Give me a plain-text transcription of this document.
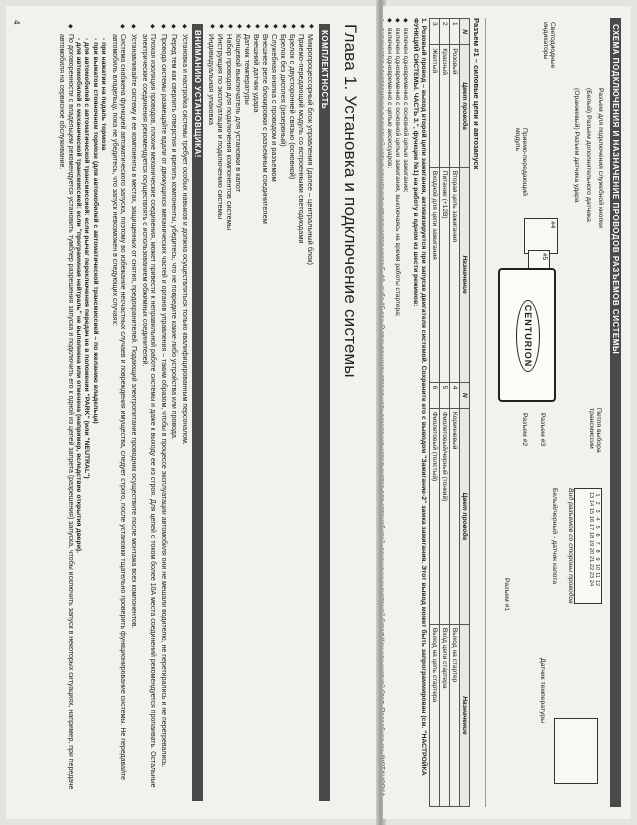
Глава 1. Установка и подключение системы
КОМПЛЕКТНОСТЬ
◆ Микропроцессорный блок управления (далее – центральный блок)
◆ Приемо-передающий модуль со встроенными светодиодами
◆ Брелок с двусторонней связью (основной)
◆ Брелок без дисплея (резервный)
◆ Служебная кнопка с проводом и разъемом
◆ Внешнее реле блокировки с разъемным соединителем
◆ Внешний датчик удара
◆ Датчик температуры
◆ Концевой выключатель для установки в капот
◆ Набор проводов для подключения компонентов системы
◆ Инструкция по эксплуатации и подключению системы
◆ Индивидуальная упаковка
ВНИМАНИЮ УСТАНОВЩИКА!
◆ Установка и настройка системы требует особых навыков и должна осуществляться только квалифицированным персоналом.
◆ Перед тем как сверлить отверстия и крепить компоненты, убедитесь, что не повредите какие-либо устройства или провода.
◆ Провода системы размещайте вдали от движущихся механических частей и органов управления – таким образом, чтобы в процессе эксплуатации автомобиля они не мешали водителю, не перетирались и не перегревались.
◆ Плохая изоляция проводов, плохие механические соединения, может привести к неправильной работе системы и даже к выходу ее из строя. Для цепей с током более 10А места соединений рекомендуется пропаивать. Остальные электрические соединения рекомендуется осуществлять с использованием обжимных соединителей.
◆ Устанавливайте систему и ее компоненты в местах, защищенных от снятия, предохранителей. Подающий электропитание проводник осуществите после монтажа всех компонентов.
◆ Система снабжена функцией автоматического запуска, поэтому во избежание несчастных случаев и повреждения имущества, следует строго, после установки тщательно проверить функционирование системы. Не передавайте автомобиль владельцу, пока не убедитесь, что запуск невозможен в следующих случаях:
- при нажатии на педаль тормоза
- при выжатом стояночном тормозе (для автомобилей с автоматической трансмиссией – по желанию владельца)
- для автомобилей с автоматической трансмиссией: если рычаг переключения передач не в положении "PARK" (или "NEUTRAL")
- для автомобилей с механической трансмиссией: если "программная нейтраль" не выполнена или отменена (например, вследствие открытия двери).
◆ По договоренности с владельцем рекомендуется установить тумблер разрешения запуска и подключить его к одной из цепей запрета (разрешения) запуска, чтобы исключить запуск в некоторых ситуациях, например, при передаче автомобиля на сервисное обслуживание.
4
СХЕМА ПОДКЛЮЧЕНИЯ И НАЗНАЧЕНИЕ ПРОВОДОВ РАЗЪЕМОВ СИСТЕМЫ
Разъем для подключения служебной кнопки
(Белый) Разъем дополнительного датчика
(Оранжевый) Разъем датчика удара
Светодиодные индикаторы
Приемо-передающий модуль
Петля выбора трансмиссии
#4
#5
CENTURION
Разъем #3
Разъем #2
Разъем #1
123456789101112
131415161718192021222324
Вид разъемов со стороны проводов
Белый/черный - датчик капота
Датчик температуры
Разъем #1 – силовые цепи и автозапуск
N	Цвет провода	Назначение	N	Цвет провода	Назначение
1	Розовый	Вторая цепь зажигания	4	Коричневый	Выход на стартер
2	Красный	Питание (+12В)	5	Фиолетовый/черный (тонкий)	Вход цепи стартера
3	Желтый	Входной для цепи зажигания	6	Фиолетовый (толстый)	Выход на цепь стартера

1. Розовый провод – выход второй цепи зажигания, активизируется при запуске двигателя системой. Сохраните его с выводом "Зажигание-2" замка зажигания. Этот вывод может быть запрограммирован (см. "НАСТРОЙКА ФУНКЦИЙ СИСТЕМЫ. ЧАСТЬ 3.", функция №1) на работу в одном из шести режимов:

◆ включен одновременно с основной цепью зажигания;
◆ включен одновременно с основной цепью зажигания, выключаясь на время работы стартера;
◆ включен одновременно с цепью аксессуаров;
◆
